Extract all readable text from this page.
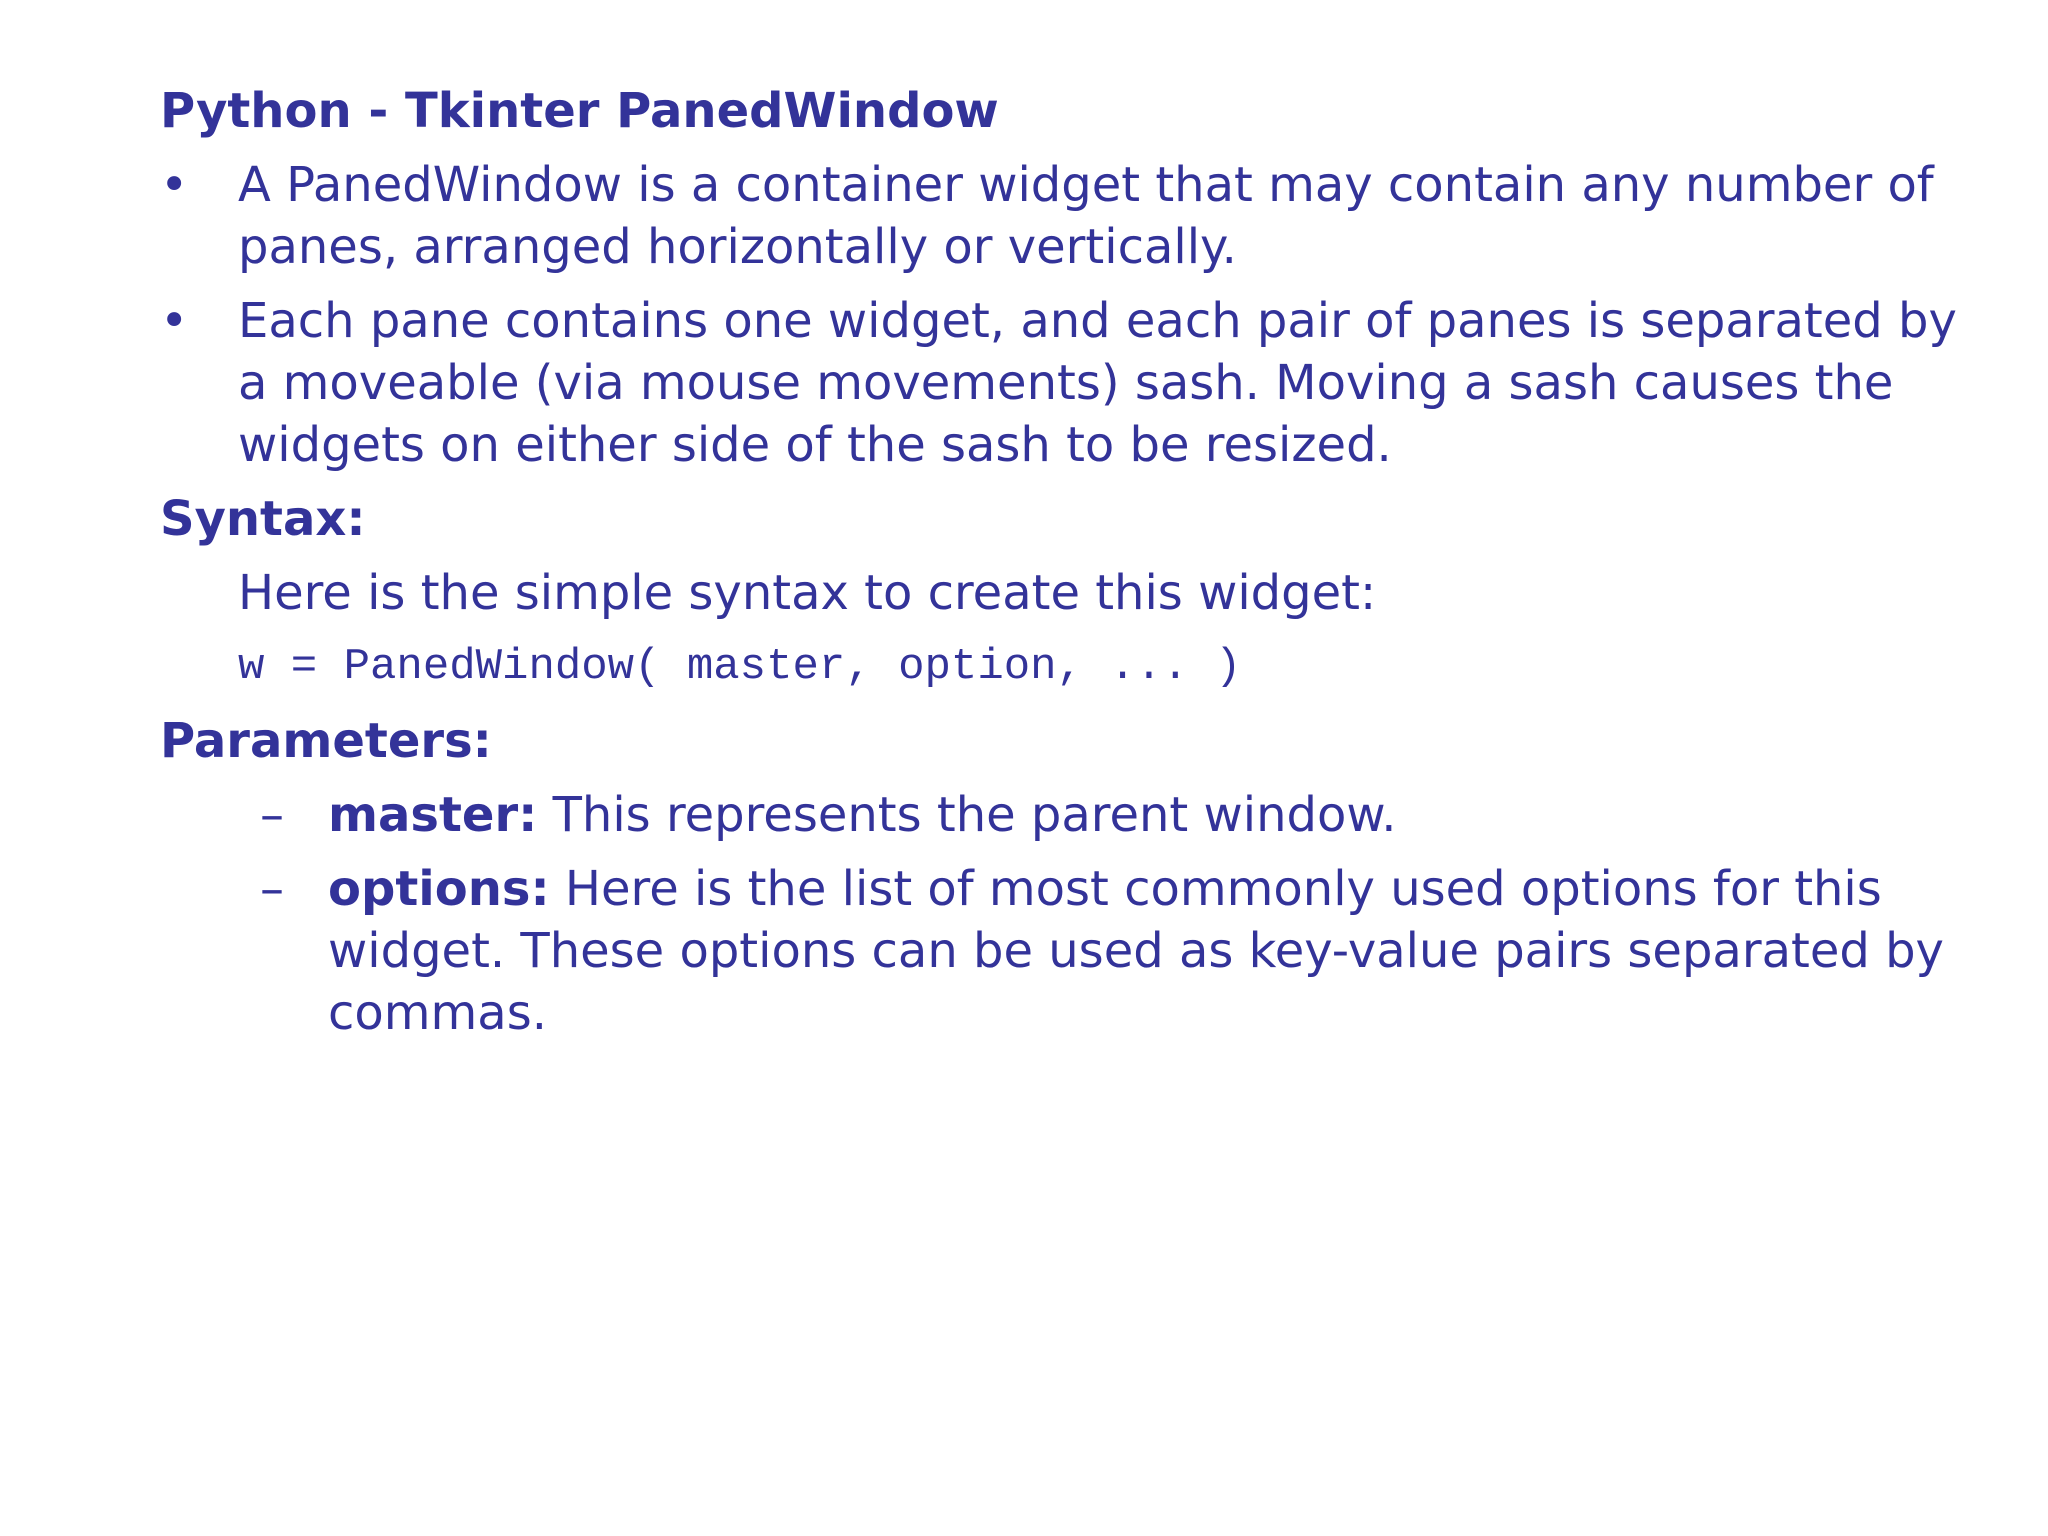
Python - Tkinter PanedWindow
• A PanedWindow is a container widget that may contain any number of panes, arranged horizontally or vertically.
• Each pane contains one widget, and each pair of panes is separated by a moveable (via mouse movements) sash. Moving a sash causes the widgets on either side of the sash to be resized.
Syntax:
Here is the simple syntax to create this widget:
w = PanedWindow( master, option, ... )
Parameters:
– master: This represents the parent window.
– options: Here is the list of most commonly used options for this widget. These options can be used as key-value pairs separated by commas.
